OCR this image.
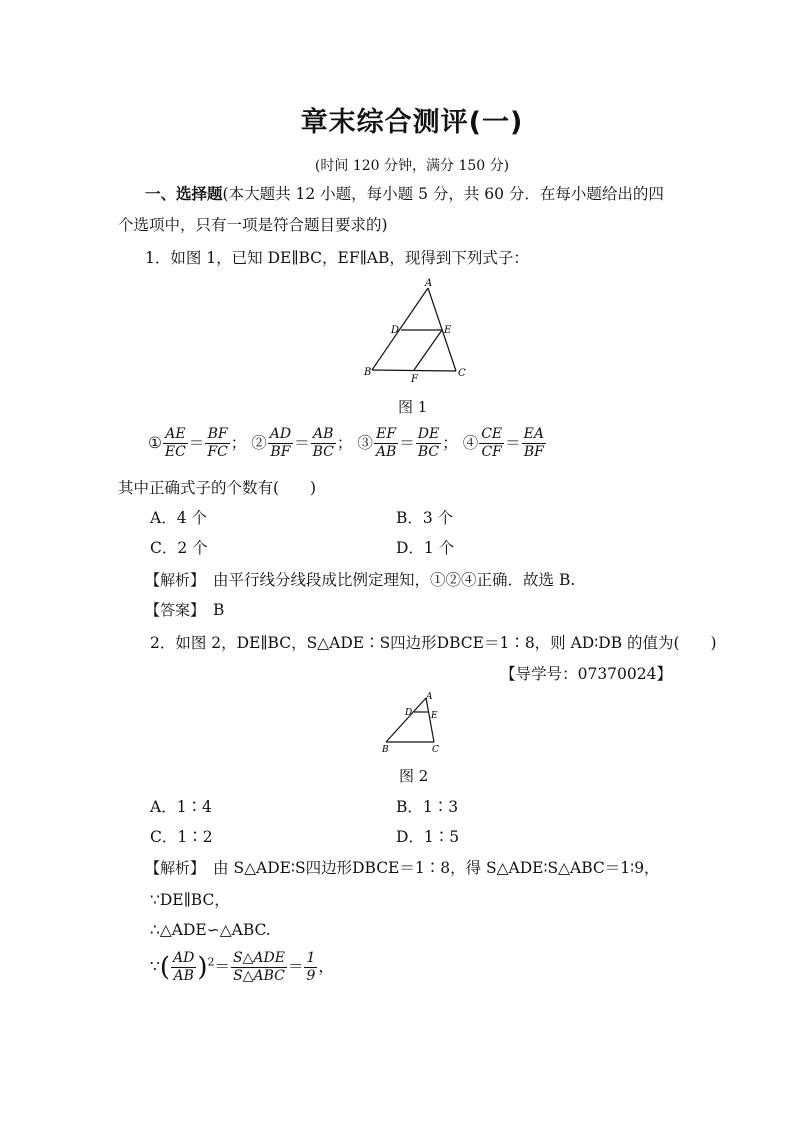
章末综合测评(一)
(时间 120 分钟，满分 150 分)
一、选择题(本大题共 12 小题，每小题 5 分，共 60 分．在每小题给出的四
个选项中，只有一项是符合题目要求的)
1．如图 1，已知 DE∥BC，EF∥AB，现得到下列式子：
A
D	E
B
F
C
图 1
① $\frac{AE}{EC} = \frac{BF}{FC}$ ； ② $\frac{AD}{BF} = \frac{AB}{BC}$ ； ③ $\frac{EF}{AB} = \frac{DE}{BC}$ ； ④ $\frac{CE}{CF} = \frac{EA}{BF}$
其中正确式子的个数有(　　)
A．4 个	B．3 个
C．2 个	D．1 个
【解析】　 由平行线分线段成比例定理知，①②④正确．故选 B.
【答案】　 B
2．如图 2，DE∥BC，S△ADE∶S四边形DBCE＝1∶8，则 AD∶DB 的值为(　　)
【导学号：07370024】
A
D E
B	C
图 2
A．1∶4	B．1∶3
C．1∶2	D．1∶5
【解析】　 由 S△ADE∶S四边形DBCE＝1∶8，得 S△ADE∶S△ABC＝1∶9，
∵DE∥BC，
∴△ADE∽△ABC.
∵( $\frac{AD}{AB} )^2= \frac{\text{S△ADE}}{\text{S△ABC}} = \frac{1}{9}$ ，
